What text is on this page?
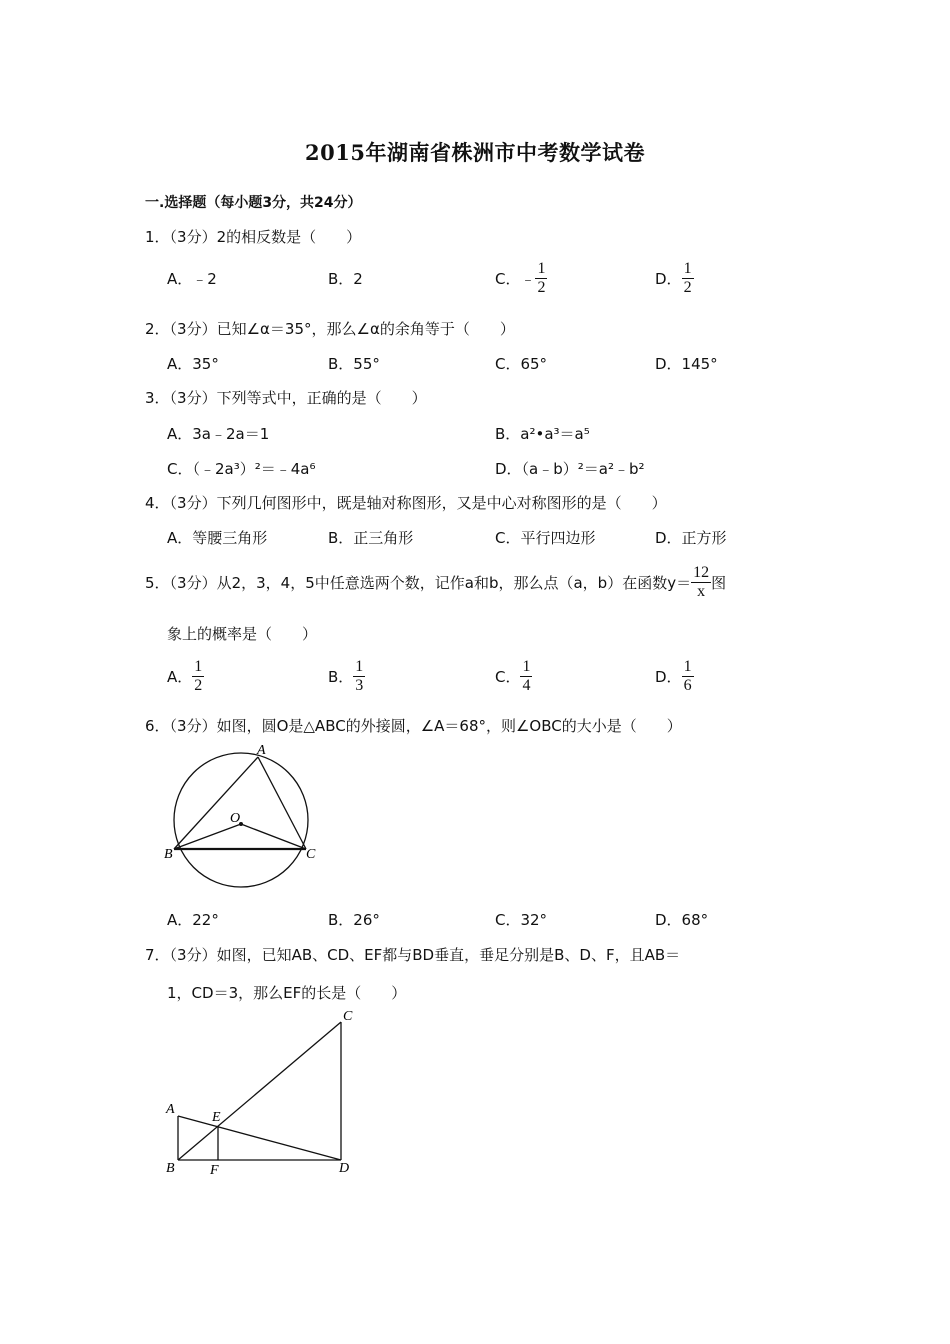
2015年湖南省株洲市中考数学试卷
一.选择题（每小题3分，共24分）
1．（3分）2的相反数是（　　）
A．﹣2	B．2	C．﹣ $\frac{1}{2}$	D． $\frac{1}{2}$
2．（3分）已知∠α＝35°，那么∠α的余角等于（　　）
A．35°	B．55°	C．65°	D．145°
3．（3分）下列等式中，正确的是（　　）
A．3a﹣2a＝1	B．a²•a³＝a⁵
C．（﹣2a³）²＝﹣4a⁶	D．（a﹣b）²＝a²﹣b²
4．（3分）下列几何图形中，既是轴对称图形，又是中心对称图形的是（　　）
A．等腰三角形	B．正三角形	C．平行四边形	D．正方形
5．（3分）从2，3，4，5中任意选两个数，记作a和b，那么点（a，b）在函数$y= \frac{12}{x}$ 图
象上的概率是（　　）
A． $\frac{1}{2}$	B． $\frac{1}{3}$	C． $\frac{1}{4}$	D． $\frac{1}{6}$
6．（3分）如图，圆O是△ABC的外接圆，∠A＝68°，则∠OBC的大小是（　　）
A
O
B	C
A．22°	B．26°	C．32°	D．68°
7．（3分）如图，已知AB、CD、EF都与BD垂直，垂足分别是B、D、F，且AB＝
1，CD＝3，那么EF的长是（　　）
C
A
E
B	F	D
